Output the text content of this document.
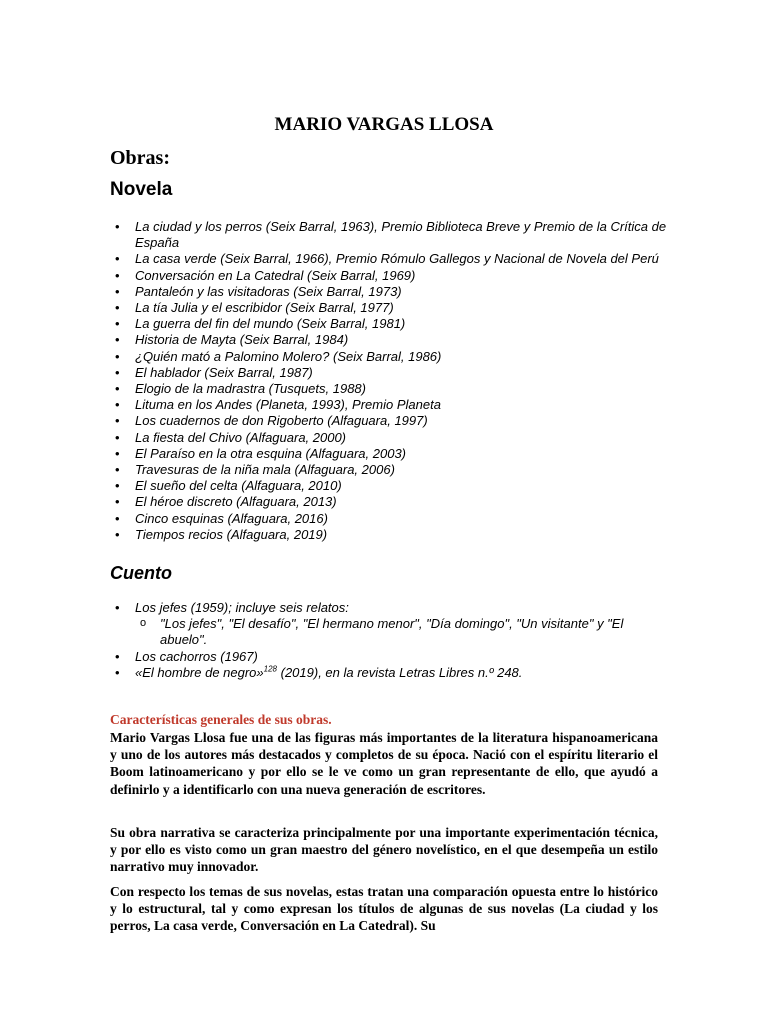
MARIO VARGAS LLOSA
Obras:
Novela
• La ciudad y los perros (Seix Barral, 1963), Premio Biblioteca Breve y Premio de la Crítica de España
• La casa verde (Seix Barral, 1966), Premio Rómulo Gallegos y Nacional de Novela del Perú
• Conversación en La Catedral (Seix Barral, 1969)
• Pantaleón y las visitadoras (Seix Barral, 1973)
• La tía Julia y el escribidor (Seix Barral, 1977)
• La guerra del fin del mundo (Seix Barral, 1981)
• Historia de Mayta (Seix Barral, 1984)
• ¿Quién mató a Palomino Molero? (Seix Barral, 1986)
• El hablador (Seix Barral, 1987)
• Elogio de la madrastra (Tusquets, 1988)
• Lituma en los Andes (Planeta, 1993), Premio Planeta
• Los cuadernos de don Rigoberto (Alfaguara, 1997)
• La fiesta del Chivo (Alfaguara, 2000)
• El Paraíso en la otra esquina (Alfaguara, 2003)
• Travesuras de la niña mala (Alfaguara, 2006)
• El sueño del celta (Alfaguara, 2010)
• El héroe discreto (Alfaguara, 2013)
• Cinco esquinas (Alfaguara, 2016)
• Tiempos recios (Alfaguara, 2019)
Cuento
• Los jefes (1959); incluye seis relatos:
o "Los jefes", "El desafío", "El hermano menor", "Día domingo", "Un visitante" y "El abuelo".
• Los cachorros (1967)
• «El hombre de negro»$^{128}$ (2019), en la revista Letras Libres n.º 248.
Características generales de sus obras.

Mario Vargas Llosa fue una de las figuras más importantes de la literatura hispanoamericana y uno de los autores más destacados y completos de su época. Nació con el espíritu literario el Boom latinoamericano y por ello se le ve como un gran representante de ello, que ayudó a definirlo y a identificarlo con una nueva generación de escritores.

Su obra narrativa se caracteriza principalmente por una importante experimentación técnica, y por ello es visto como un gran maestro del género novelístico, en el que desempeña un estilo narrativo muy innovador.

Con respecto los temas de sus novelas, estas tratan una comparación opuesta entre lo histórico y lo estructural, tal y como expresan los títulos de algunas de sus novelas (La ciudad y los perros, La casa verde, Conversación en La Catedral). Su
